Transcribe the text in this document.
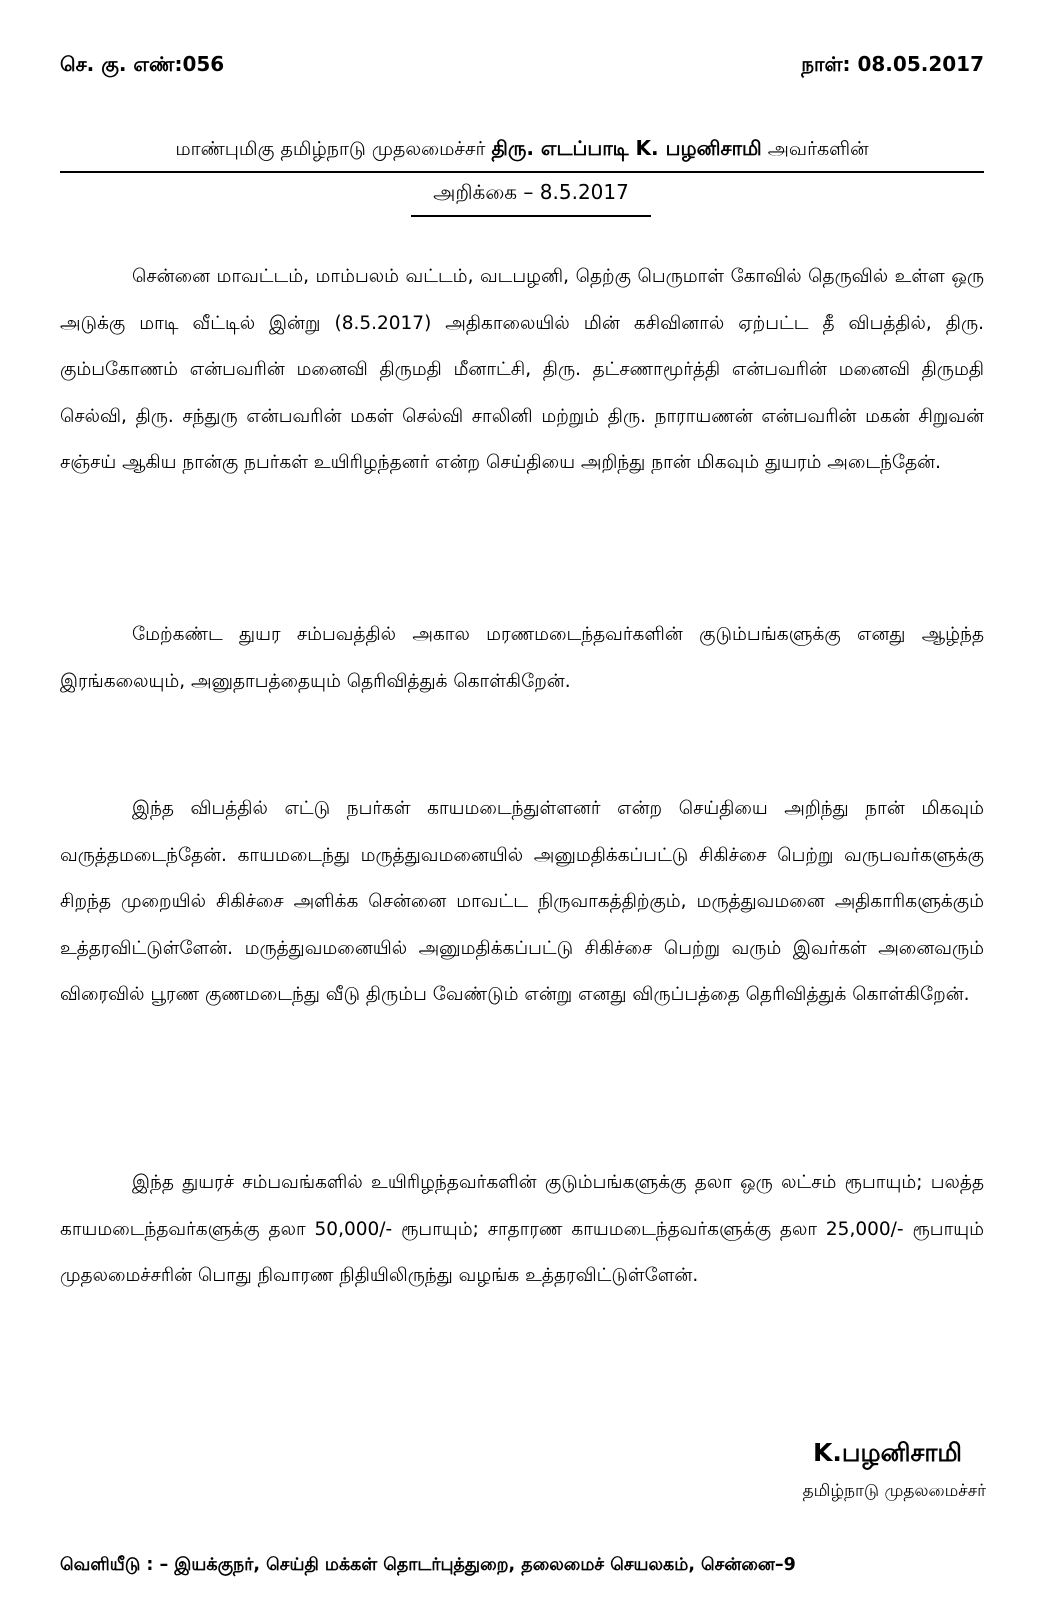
செ. கு. எண்:056	நாள்: 08.05.2017
மாண்புமிகு தமிழ்நாடு முதலமைச்சர் திரு. எடப்பாடி K. பழனிசாமி அவர்களின்
அறிக்கை – 8.5.2017

சென்னை மாவட்டம், மாம்பலம் வட்டம், வடபழனி, தெற்கு பெருமாள் கோவில் தெருவில் உள்ள ஒரு அடுக்கு மாடி வீட்டில் இன்று (8.5.2017) அதிகாலையில் மின் கசிவினால் ஏற்பட்ட தீ விபத்தில், திரு. கும்பகோணம் என்பவரின் மனைவி திருமதி மீனாட்சி, திரு. தட்சணாமூர்த்தி என்பவரின் மனைவி திருமதி செல்வி, திரு. சந்துரு என்பவரின் மகள் செல்வி சாலினி மற்றும் திரு. நாராயணன் என்பவரின் மகன் சிறுவன் சஞ்சய் ஆகிய நான்கு நபர்கள் உயிரிழந்தனர் என்ற செய்தியை அறிந்து நான் மிகவும் துயரம் அடைந்தேன்.

மேற்கண்ட துயர சம்பவத்தில் அகால மரணமடைந்தவர்களின் குடும்பங்களுக்கு எனது ஆழ்ந்த இரங்கலையும், அனுதாபத்தையும் தெரிவித்துக் கொள்கிறேன்.

இந்த விபத்தில் எட்டு நபர்கள் காயமடைந்துள்ளனர் என்ற செய்தியை அறிந்து நான் மிகவும் வருத்தமடைந்தேன். காயமடைந்து மருத்துவமனையில் அனுமதிக்கப்பட்டு சிகிச்சை பெற்று வருபவர்களுக்கு சிறந்த முறையில் சிகிச்சை அளிக்க சென்னை மாவட்ட நிருவாகத்திற்கும், மருத்துவமனை அதிகாரிகளுக்கும் உத்தரவிட்டுள்ளேன். மருத்துவமனையில் அனுமதிக்கப்பட்டு சிகிச்சை பெற்று வரும் இவர்கள் அனைவரும் விரைவில் பூரண குணமடைந்து வீடு திரும்ப வேண்டும் என்று எனது விருப்பத்தை தெரிவித்துக் கொள்கிறேன்.

இந்த துயரச் சம்பவங்களில் உயிரிழந்தவர்களின் குடும்பங்களுக்கு தலா ஒரு லட்சம் ரூபாயும்; பலத்த காயமடைந்தவர்களுக்கு தலா 50,000/- ரூபாயும்; சாதாரண காயமடைந்தவர்களுக்கு தலா 25,000/- ரூபாயும் முதலமைச்சரின் பொது நிவாரண நிதியிலிருந்து வழங்க உத்தரவிட்டுள்ளேன்.

K.பழனிசாமி
தமிழ்நாடு முதலமைச்சர்
வெளியீடு : – இயக்குநர், செய்தி மக்கள் தொடர்புத்துறை, தலைமைச் செயலகம், சென்னை–9
